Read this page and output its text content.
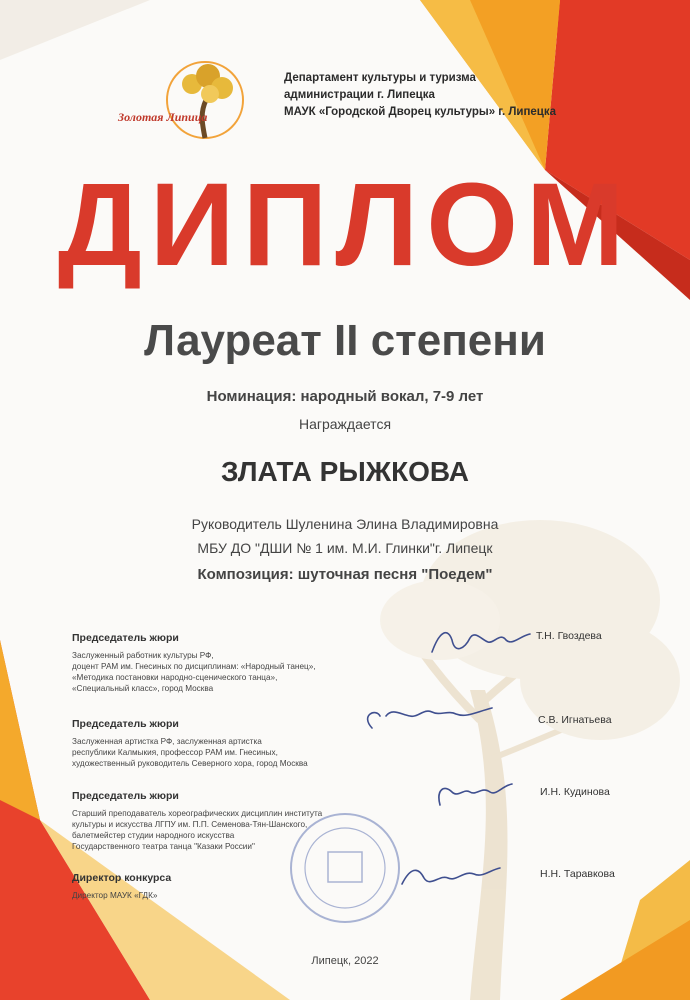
Золотая Липица
Департамент культуры и туризма
администрации г. Липецка
МАУК «Городской Дворец культуры» г. Липецка
ДИПЛОМ
Лауреат II степени
Номинация: народный вокал, 7-9 лет
Награждается
ЗЛАТА РЫЖКОВА
Руководитель Шуленина Элина Владимировна
МБУ ДО "ДШИ № 1 им. М.И. Глинки"г. Липецк
Композиция: шуточная песня "Поедем"
Председатель жюри
Заслуженный работник культуры РФ,
доцент РАМ им. Гнесиных по дисциплинам: «Народный танец»,
«Методика постановки народно-сценического танца»,
«Специальный класс», город Москва
Т.Н. Гвоздева
Председатель жюри
Заслуженная артистка РФ, заслуженная артистка
республики Калмыкия, профессор РАМ им. Гнесиных,
художественный руководитель Северного хора, город Москва
С.В. Игнатьева
Председатель жюри
Старший преподаватель хореографических дисциплин института
культуры и искусства ЛГПУ им. П.П. Семенова-Тян-Шанского,
балетмейстер студии народного искусства
Государственного театра танца "Казаки России"
И.Н. Кудинова
Директор конкурса
Директор МАУК «ГДК»
Н.Н. Таравкова
Липецк, 2022
